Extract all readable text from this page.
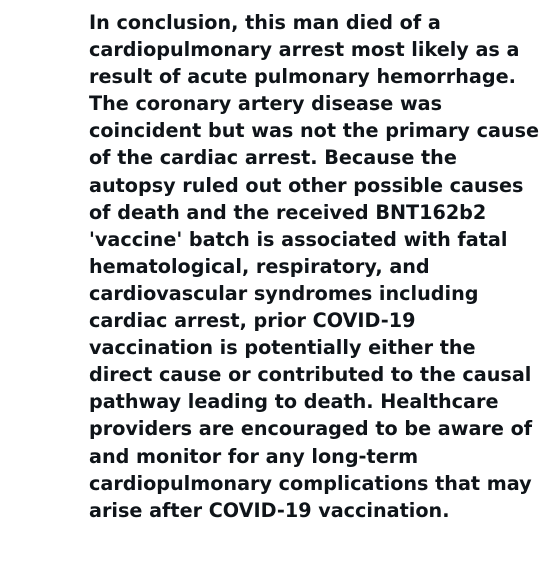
In conclusion, this man died of a
cardiopulmonary arrest most likely as a
result of acute pulmonary hemorrhage.
The coronary artery disease was
coincident but was not the primary cause
of the cardiac arrest. Because the
autopsy ruled out other possible causes
of death and the received BNT162b2
'vaccine' batch is associated with fatal
hematological, respiratory, and
cardiovascular syndromes including
cardiac arrest, prior COVID-19
vaccination is potentially either the
direct cause or contributed to the causal
pathway leading to death. Healthcare
providers are encouraged to be aware of
and monitor for any long-term
cardiopulmonary complications that may
arise after COVID-19 vaccination.
